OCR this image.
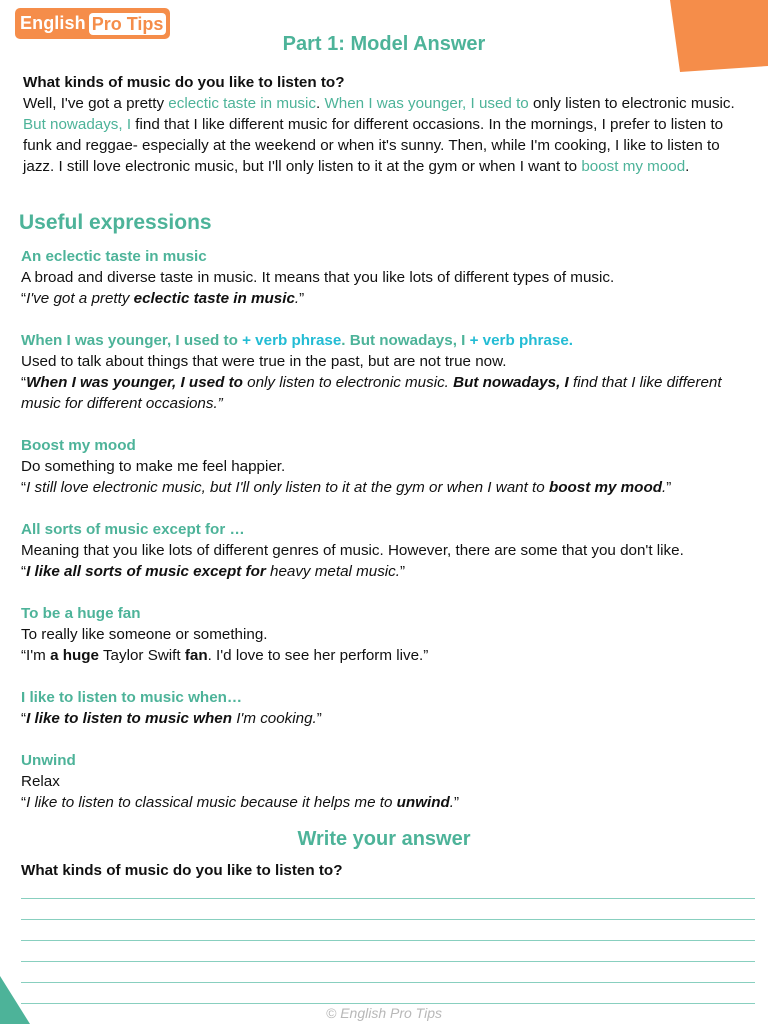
English Pro Tips
Part 1: Model Answer

What kinds of music do you like to listen to?

Well, I've got a pretty eclectic taste in music. When I was younger, I used to only listen to electronic music. But nowadays, I find that I like different music for different occasions. In the mornings, I prefer to listen to funk and reggae- especially at the weekend or when it's sunny. Then, while I'm cooking, I like to listen to jazz. I still love electronic music, but I'll only listen to it at the gym or when I want to boost my mood.

Useful expressions

An eclectic taste in music

A broad and diverse taste in music. It means that you like lots of different types of music.

“I've got a pretty eclectic taste in music.”

When I was younger, I used to + verb phrase. But nowadays, I + verb phrase.

Used to talk about things that were true in the past, but are not true now.

“When I was younger, I used to only listen to electronic music. But nowadays, I find that I like different music for different occasions.”

Boost my mood

Do something to make me feel happier.

“I still love electronic music, but I'll only listen to it at the gym or when I want to boost my mood.”

All sorts of music except for …

Meaning that you like lots of different genres of music. However, there are some that you don't like.

“I like all sorts of music except for heavy metal music.”

To be a huge fan

To really like someone or something.

“I'm a huge Taylor Swift fan. I'd love to see her perform live.”

I like to listen to music when…

“I like to listen to music when I'm cooking.”

Unwind

Relax

“I like to listen to classical music because it helps me to unwind.”

Write your answer
What kinds of music do you like to listen to?
© English Pro Tips
